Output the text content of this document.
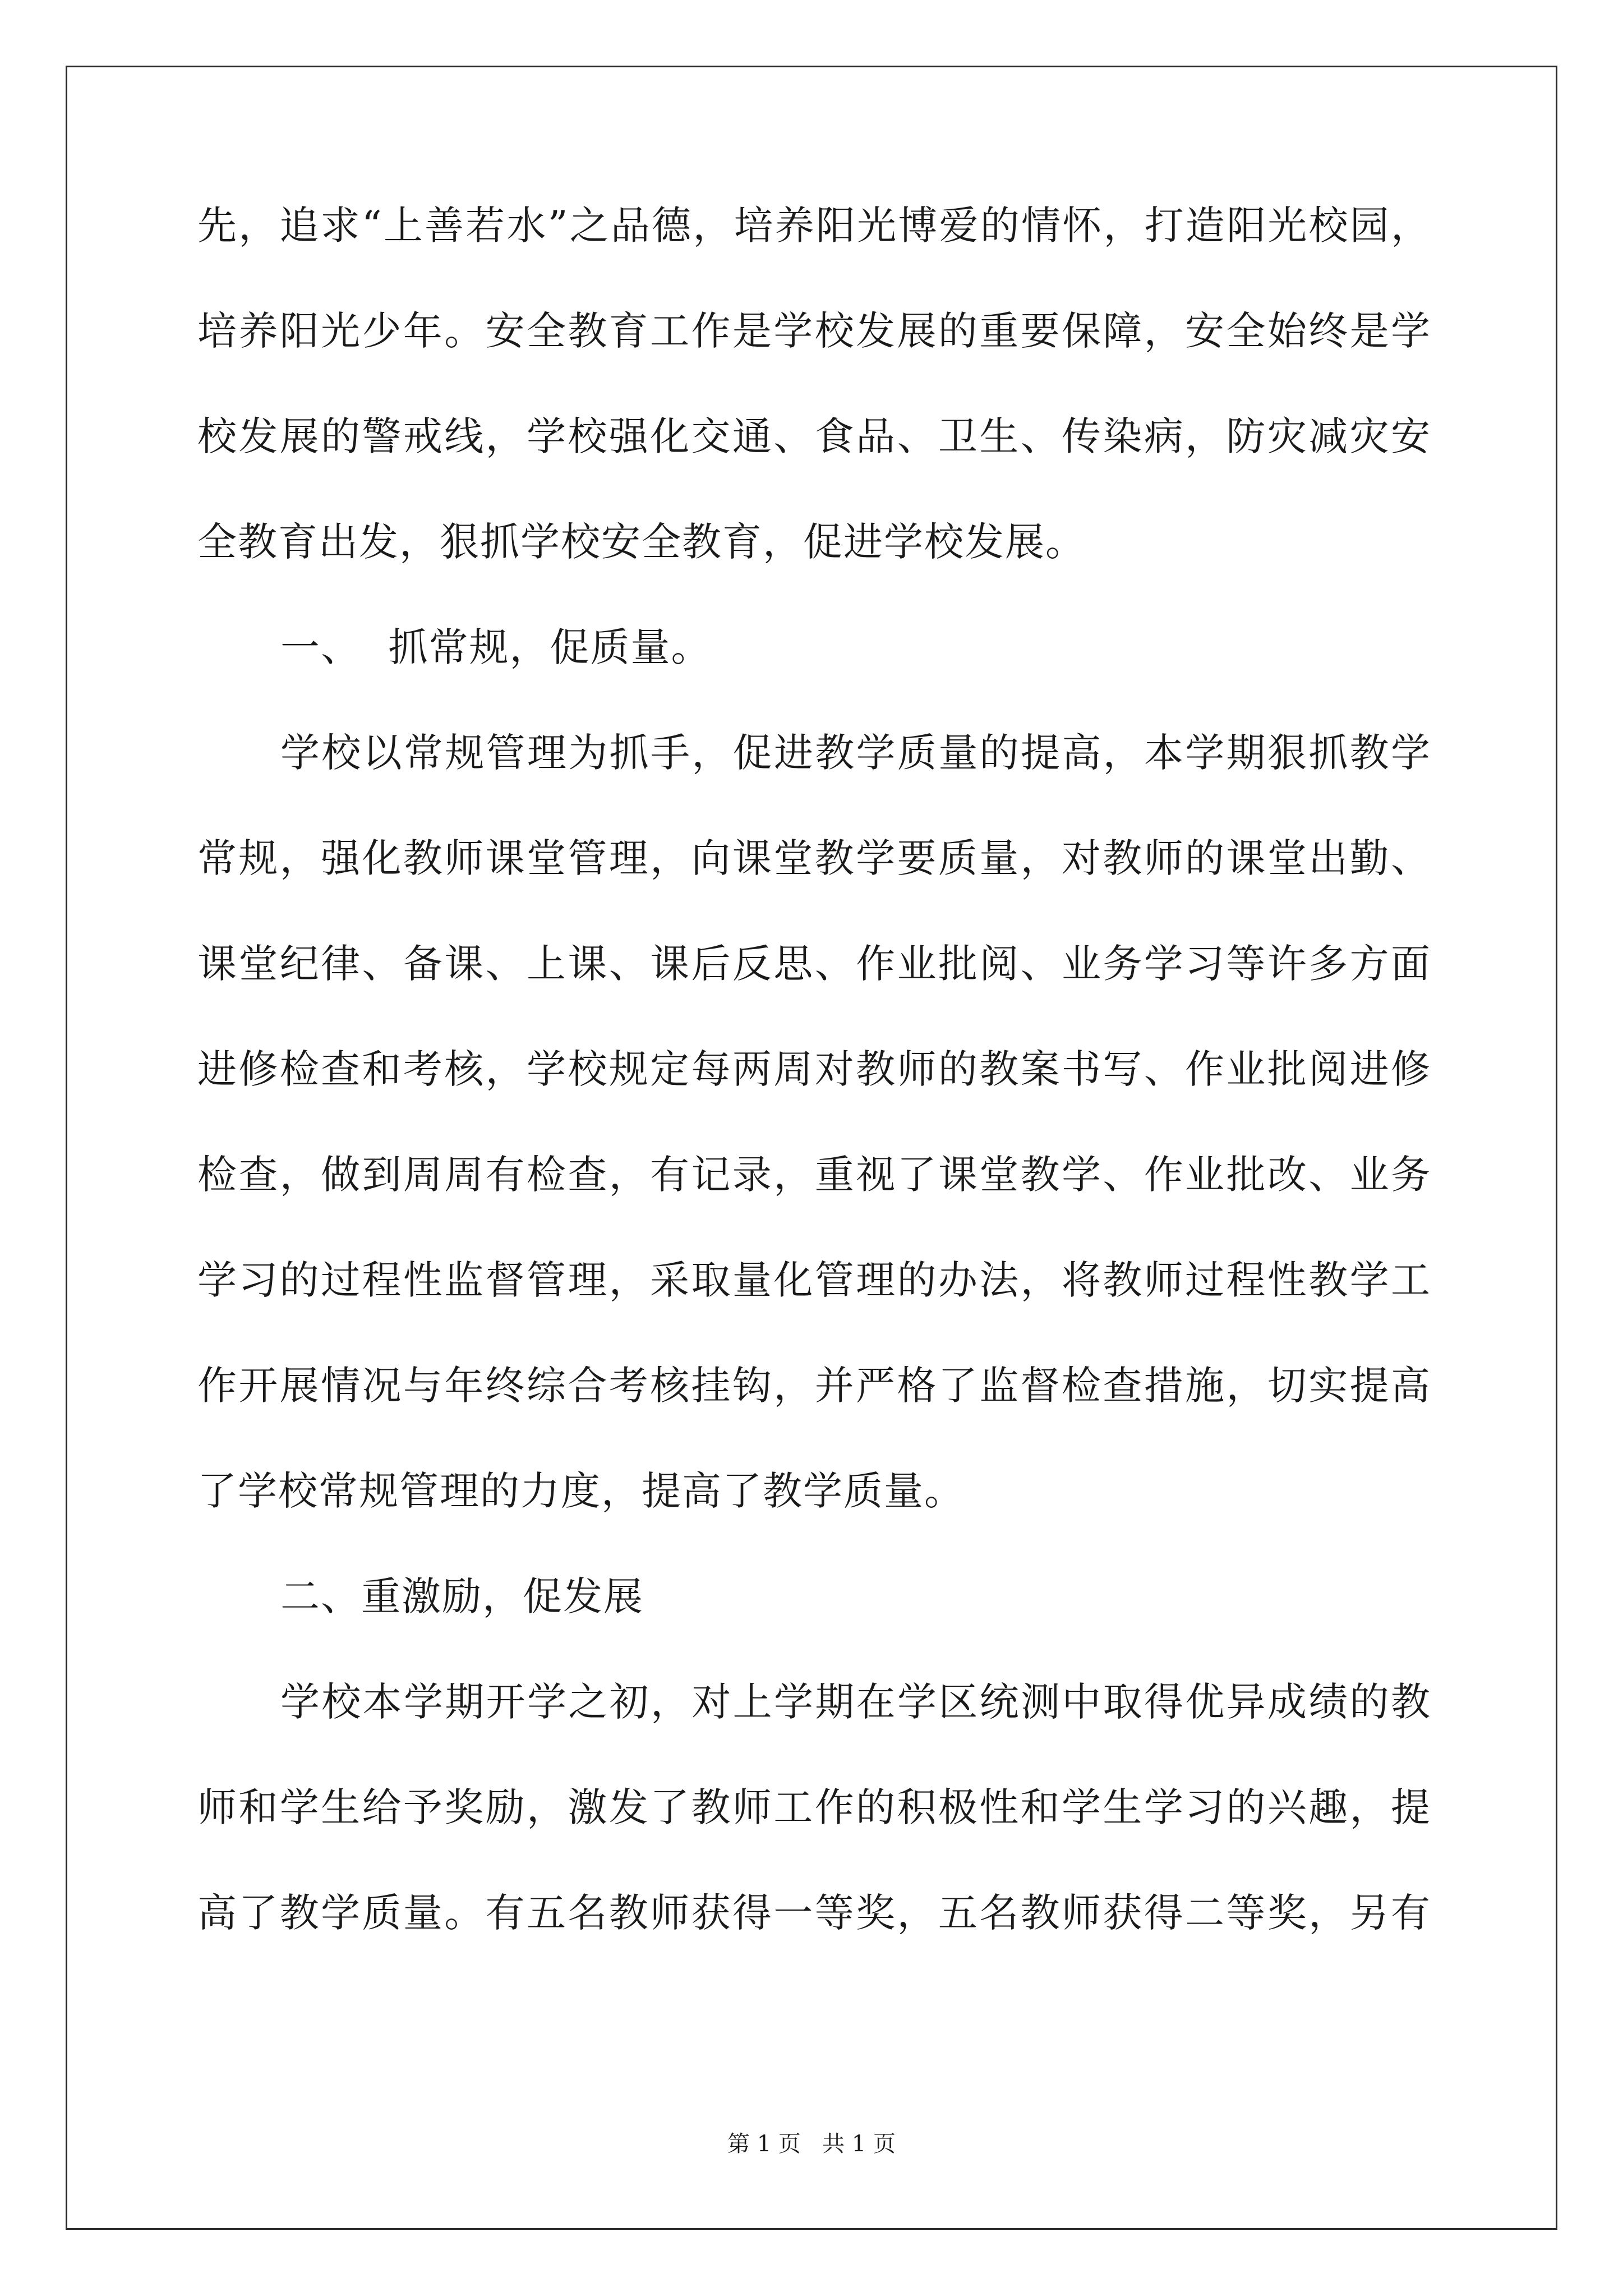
先，追求“上善若水”之品德，培养阳光博爱的情怀，打造阳光校园，
培养阳光少年。安全教育工作是学校发展的重要保障，安全始终是学
校发展的警戒线，学校强化交通、食品、卫生、传染病，防灾减灾安
全教育出发，狠抓学校安全教育，促进学校发展。
一、  抓常规，促质量。
学校以常规管理为抓手，促进教学质量的提高，本学期狠抓教学
常规，强化教师课堂管理，向课堂教学要质量，对教师的课堂出勤、
课堂纪律、备课、上课、课后反思、作业批阅、业务学习等许多方面
进修检查和考核，学校规定每两周对教师的教案书写、作业批阅进修
检查，做到周周有检查，有记录，重视了课堂教学、作业批改、业务
学习的过程性监督管理，采取量化管理的办法，将教师过程性教学工
作开展情况与年终综合考核挂钩，并严格了监督检查措施，切实提高
了学校常规管理的力度，提高了教学质量。
二、重激励，促发展
学校本学期开学之初，对上学期在学区统测中取得优异成绩的教
师和学生给予奖励，激发了教师工作的积极性和学生学习的兴趣，提
高了教学质量。有五名教师获得一等奖，五名教师获得二等奖，另有
第 1 页   共 1 页
